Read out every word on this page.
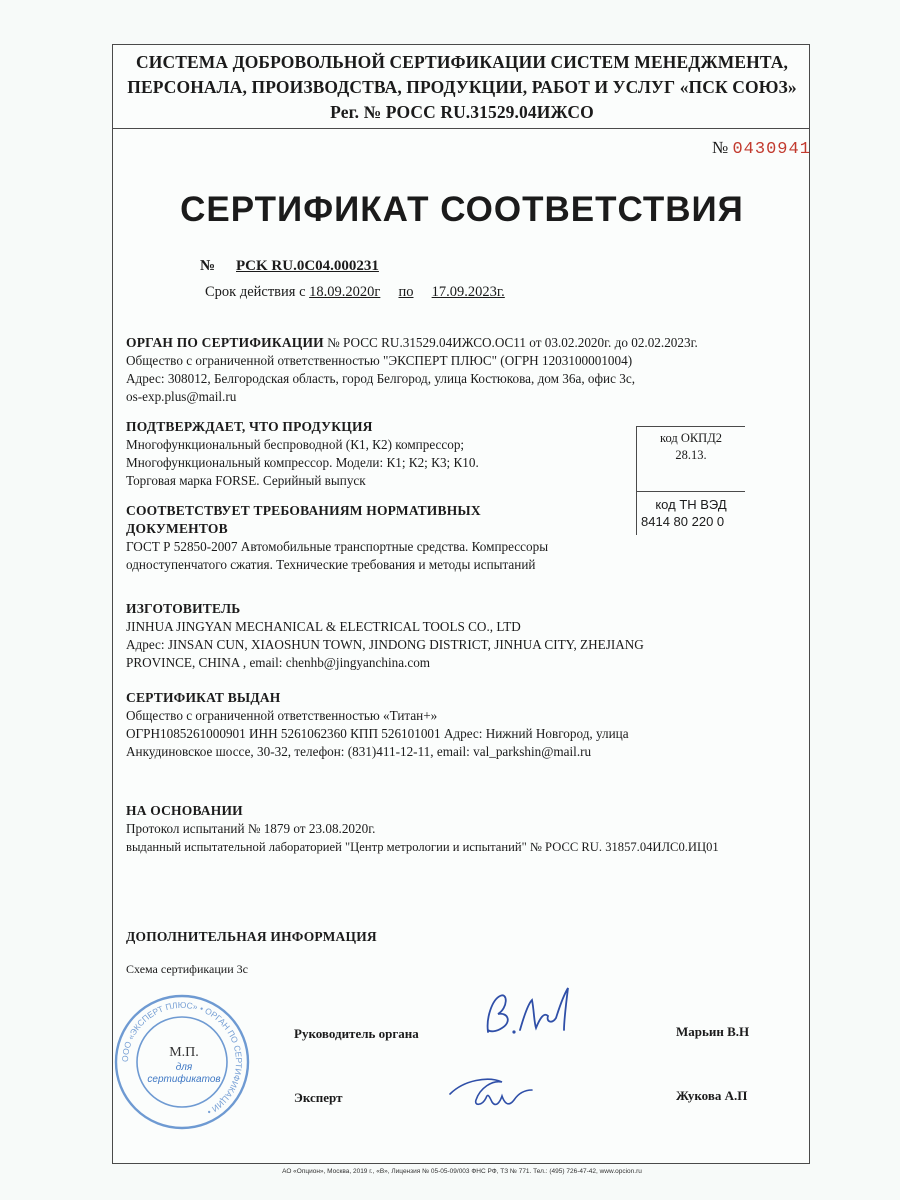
СИСТЕМА ДОБРОВОЛЬНОЙ СЕРТИФИКАЦИИ СИСТЕМ МЕНЕДЖМЕНТА,
ПЕРСОНАЛА, ПРОИЗВОДСТВА, ПРОДУКЦИИ, РАБОТ И УСЛУГ «ПСК СОЮЗ»
Рег. № РОСС RU.31529.04ИЖСО
№ 0430941
СЕРТИФИКАТ СООТВЕТСТВИЯ
№ PCK RU.0C04.000231
Срок действия с 18.09.2020г по 17.09.2023г.
ОРГАН ПО СЕРТИФИКАЦИИ № РОСС RU.31529.04ИЖСО.ОС11 от 03.02.2020г. до 02.02.2023г.
Общество с ограниченной ответственностью "ЭКСПЕРТ ПЛЮС" (ОГРН 1203100001004)
Адрес: 308012, Белгородская область, город Белгород, улица Костюкова, дом 36а, офис 3с,
os-exp.plus@mail.ru
ПОДТВЕРЖДАЕТ, ЧТО ПРОДУКЦИЯ
Многофункциональный беспроводной (К1, К2) компрессор;
Многофункциональный компрессор. Модели: К1; К2; К3; К10.
Торговая марка FORSE. Серийный выпуск
код ОКПД2
28.13.
код ТН ВЭД
8414 80 220 0
СООТВЕТСТВУЕТ ТРЕБОВАНИЯМ НОРМАТИВНЫХ
ДОКУМЕНТОВ
ГОСТ Р 52850-2007 Автомобильные транспортные средства. Компрессоры
одноступенчатого сжатия. Технические требования и методы испытаний
ИЗГОТОВИТЕЛЬ
JINHUA JINGYAN MECHANICAL & ELECTRICAL TOOLS CO., LTD
Адрес: JINSAN CUN, XIAOSHUN TOWN, JINDONG DISTRICT, JINHUA CITY, ZHEJIANG
PROVINCE, CHINA , email: chenhb@jingyanchina.com
СЕРТИФИКАТ ВЫДАН
Общество с ограниченной ответственностью «Титан+»
ОГРН1085261000901 ИНН 5261062360 КПП 526101001 Адрес: Нижний Новгород, улица
Анкудиновское шоссе, 30-32, телефон: (831)411-12-11, email: val_parkshin@mail.ru
НА ОСНОВАНИИ
Протокол испытаний № 1879 от 23.08.2020г.
выданный испытательной лабораторией "Центр метрологии и испытаний" № РОСС RU. 31857.04ИЛС0.ИЦ01
ДОПОЛНИТЕЛЬНАЯ ИНФОРМАЦИЯ
Схема сертификации 3с
ООО «ЭКСПЕРТ ПЛЮС» • ОРГАН ПО СЕРТИФИКАЦИИ •
М.П.
для
сертификатов
Руководитель органа	Марьин В.Н
Эксперт	Жукова А.П
АО «Опцион», Москва, 2019 г., «В», Лицензия № 05-05-09/003 ФНС РФ, ТЗ № 771. Тел.: (495) 726-47-42, www.opcion.ru
